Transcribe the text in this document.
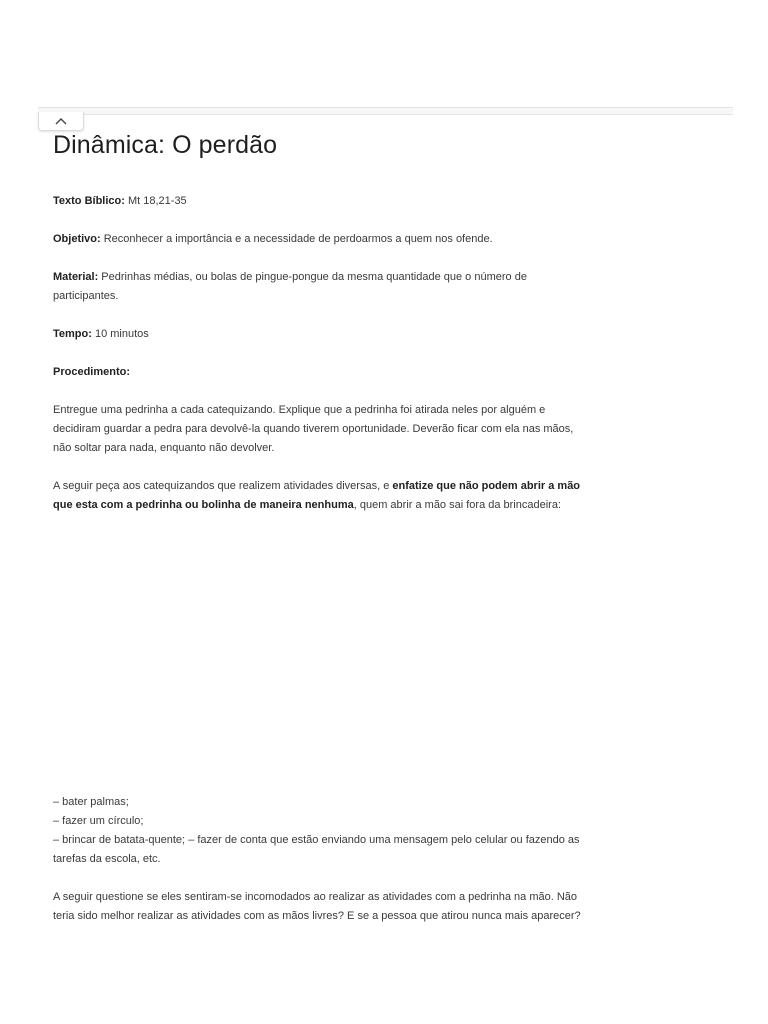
Dinâmica: O perdão

Texto Bíblico: Mt 18,21-35

Objetivo: Reconhecer a importância e a necessidade de perdoarmos a quem nos ofende.

Material: Pedrinhas médias, ou bolas de pingue-pongue da mesma quantidade que o número de participantes.

Tempo: 10 minutos

Procedimento:

Entregue uma pedrinha a cada catequizando. Explique que a pedrinha foi atirada neles por alguém e decidiram guardar a pedra para devolvê-la quando tiverem oportunidade. Deverão ficar com ela nas mãos, não soltar para nada, enquanto não devolver.

A seguir peça aos catequizandos que realizem atividades diversas, e enfatize que não podem abrir a mão que esta com a pedrinha ou bolinha de maneira nenhuma, quem abrir a mão sai fora da brincadeira:

– bater palmas;

– fazer um círculo;

– brincar de batata-quente; – fazer de conta que estão enviando uma mensagem pelo celular ou fazendo as tarefas da escola, etc.

A seguir questione se eles sentiram-se incomodados ao realizar as atividades com a pedrinha na mão. Não teria sido melhor realizar as atividades com as mãos livres? E se a pessoa que atirou nunca mais aparecer?
